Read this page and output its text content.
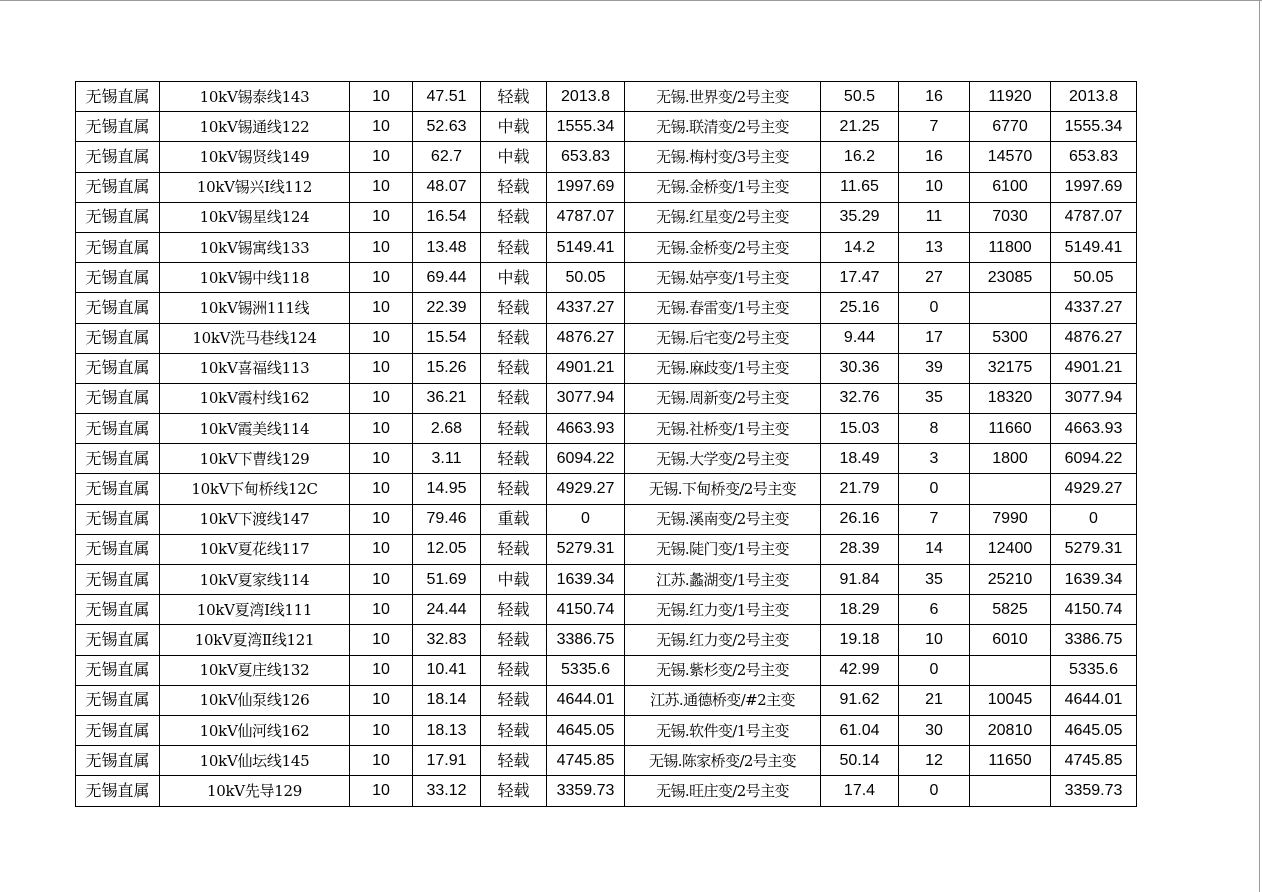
无锡直属	10kV锡泰线143	10	47.51	轻载	2013.8	无锡.世界变/2号主变	50.5	16	11920	2013.8
无锡直属	10kV锡通线122	10	52.63	中载	1555.34	无锡.联清变/2号主变	21.25	7	6770	1555.34
无锡直属	10kV锡贤线149	10	62.7	中载	653.83	无锡.梅村变/3号主变	16.2	16	14570	653.83
无锡直属	10kV锡兴Ⅰ线112	10	48.07	轻载	1997.69	无锡.金桥变/1号主变	11.65	10	6100	1997.69
无锡直属	10kV锡星线124	10	16.54	轻载	4787.07	无锡.红星变/2号主变	35.29	11	7030	4787.07
无锡直属	10kV锡寓线133	10	13.48	轻载	5149.41	无锡.金桥变/2号主变	14.2	13	11800	5149.41
无锡直属	10kV锡中线118	10	69.44	中载	50.05	无锡.姑亭变/1号主变	17.47	27	23085	50.05
无锡直属	10kV锡洲111线	10	22.39	轻载	4337.27	无锡.春雷变/1号主变	25.16	0		4337.27
无锡直属	10kV洗马巷线124	10	15.54	轻载	4876.27	无锡.后宅变/2号主变	9.44	17	5300	4876.27
无锡直属	10kV喜福线113	10	15.26	轻载	4901.21	无锡.麻歧变/1号主变	30.36	39	32175	4901.21
无锡直属	10kV霞村线162	10	36.21	轻载	3077.94	无锡.周新变/2号主变	32.76	35	18320	3077.94
无锡直属	10kV霞美线114	10	2.68	轻载	4663.93	无锡.社桥变/1号主变	15.03	8	11660	4663.93
无锡直属	10kV下曹线129	10	3.11	轻载	6094.22	无锡.大学变/2号主变	18.49	3	1800	6094.22
无锡直属	10kV下甸桥线12C	10	14.95	轻载	4929.27	无锡.下甸桥变/2号主变	21.79	0		4929.27
无锡直属	10kV下渡线147	10	79.46	重载	0	无锡.溪南变/2号主变	26.16	7	7990	0
无锡直属	10kV夏花线117	10	12.05	轻载	5279.31	无锡.陡门变/1号主变	28.39	14	12400	5279.31
无锡直属	10kV夏家线114	10	51.69	中载	1639.34	江苏.蠡湖变/1号主变	91.84	35	25210	1639.34
无锡直属	10kV夏湾Ⅰ线111	10	24.44	轻载	4150.74	无锡.红力变/1号主变	18.29	6	5825	4150.74
无锡直属	10kV夏湾Ⅱ线121	10	32.83	轻载	3386.75	无锡.红力变/2号主变	19.18	10	6010	3386.75
无锡直属	10kV夏庄线132	10	10.41	轻载	5335.6	无锡.紫杉变/2号主变	42.99	0		5335.6
无锡直属	10kV仙泵线126	10	18.14	轻载	4644.01	江苏.通德桥变/#2主变	91.62	21	10045	4644.01
无锡直属	10kV仙河线162	10	18.13	轻载	4645.05	无锡.软件变/1号主变	61.04	30	20810	4645.05
无锡直属	10kV仙坛线145	10	17.91	轻载	4745.85	无锡.陈家桥变/2号主变	50.14	12	11650	4745.85
无锡直属	10kV先导129	10	33.12	轻载	3359.73	无锡.旺庄变/2号主变	17.4	0		3359.73
